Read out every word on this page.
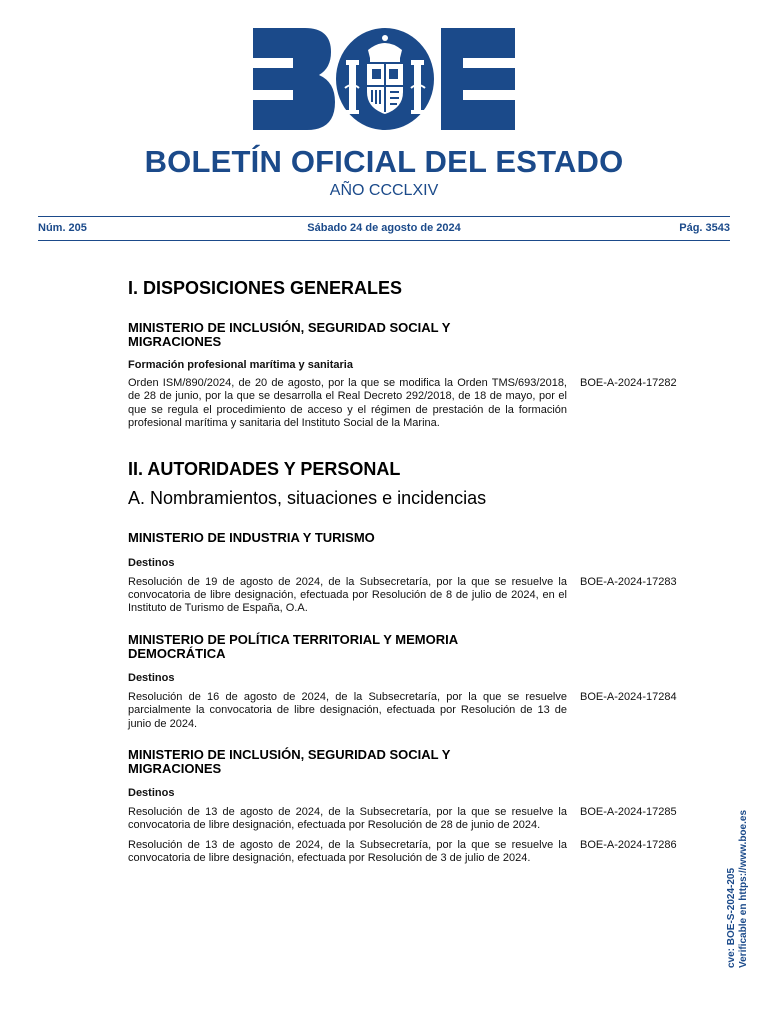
BOLETÍN OFICIAL DEL ESTADO
AÑO CCCLXIV
Núm. 205	Sábado 24 de agosto de 2024	Pág. 3543
I. DISPOSICIONES GENERALES
MINISTERIO DE INCLUSIÓN, SEGURIDAD SOCIAL Y MIGRACIONES
Formación profesional marítima y sanitaria

Orden ISM/890/2024, de 20 de agosto, por la que se modifica la Orden TMS/693/2018, de 28 de junio, por la que se desarrolla el Real Decreto 292/2018, de 18 de mayo, por el que se regula el procedimiento de acceso y el régimen de prestación de la formación profesional marítima y sanitaria del Instituto Social de la Marina.

BOE-A-2024-17282
II. AUTORIDADES Y PERSONAL
A. Nombramientos, situaciones e incidencias
MINISTERIO DE INDUSTRIA Y TURISMO
Destinos

Resolución de 19 de agosto de 2024, de la Subsecretaría, por la que se resuelve la convocatoria de libre designación, efectuada por Resolución de 8 de julio de 2024, en el Instituto de Turismo de España, O.A.

BOE-A-2024-17283
MINISTERIO DE POLÍTICA TERRITORIAL Y MEMORIA DEMOCRÁTICA
Destinos

Resolución de 16 de agosto de 2024, de la Subsecretaría, por la que se resuelve parcialmente la convocatoria de libre designación, efectuada por Resolución de 13 de junio de 2024.

BOE-A-2024-17284
MINISTERIO DE INCLUSIÓN, SEGURIDAD SOCIAL Y MIGRACIONES
Destinos

Resolución de 13 de agosto de 2024, de la Subsecretaría, por la que se resuelve la convocatoria de libre designación, efectuada por Resolución de 28 de junio de 2024.

BOE-A-2024-17285

Resolución de 13 de agosto de 2024, de la Subsecretaría, por la que se resuelve la convocatoria de libre designación, efectuada por Resolución de 3 de julio de 2024.

BOE-A-2024-17286
cve: BOE-S-2024-205 Verificable en https://www.boe.es
